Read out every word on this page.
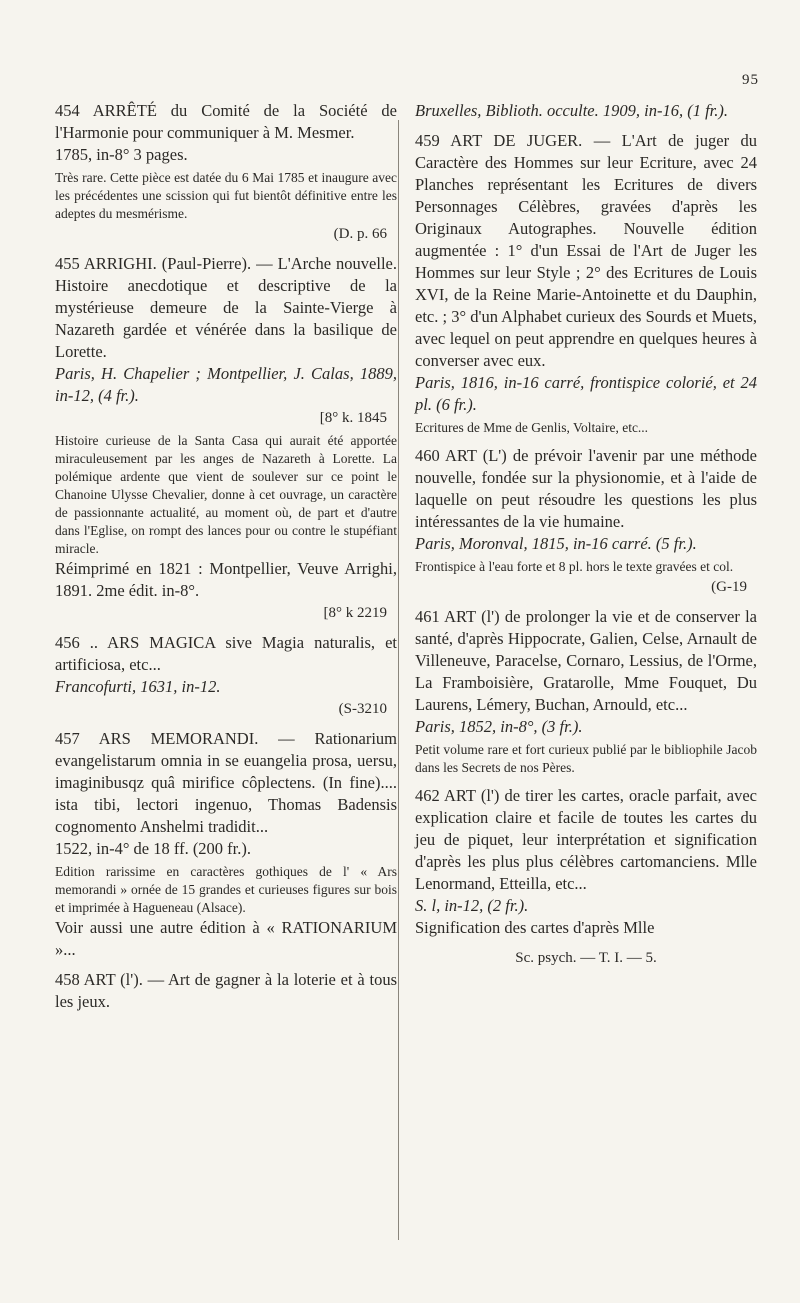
95

454 ARRÊTÉ du Comité de la Société de l'Harmonie pour communiquer à M. Mesmer.

1785, in-8° 3 pages.

Très rare. Cette pièce est datée du 6 Mai 1785 et inaugure avec les précédentes une scission qui fut bientôt définitive entre les adeptes du mesmérisme.

(D. p. 66

455 ARRIGHI. (Paul-Pierre). — L'Arche nouvelle. Histoire anecdotique et descriptive de la mystérieuse demeure de la Sainte-Vierge à Nazareth gardée et vénérée dans la basilique de Lorette.

Paris, H. Chapelier ; Montpellier, J. Calas, 1889, in-12, (4 fr.).

[8° k. 1845

Histoire curieuse de la Santa Casa qui aurait été apportée miraculeusement par les anges de Nazareth à Lorette. La polémique ardente que vient de soulever sur ce point le Chanoine Ulysse Chevalier, donne à cet ouvrage, un caractère de passionnante actualité, au moment où, de part et d'autre dans l'Eglise, on rompt des lances pour ou contre le stupéfiant miracle.

Réimprimé en 1821 : Montpellier, Veuve Arrighi, 1891. 2me édit. in-8°.

[8° k 2219

456 .. ARS MAGICA sive Magia naturalis, et artificiosa, etc...

Francofurti, 1631, in-12.

(S-3210

457 ARS MEMORANDI. — Rationarium evangelistarum omnia in se euangelia prosa, uersu, imaginibusqz quâ mirifice côplectens. (In fine).... ista tibi, lectori ingenuo, Thomas Badensis cognomento Anshelmi tradidit...

1522, in-4° de 18 ff. (200 fr.).

Edition rarissime en caractères gothiques de l' « Ars memorandi » ornée de 15 grandes et curieuses figures sur bois et imprimée à Hagueneau (Alsace).

Voir aussi une autre édition à « RATIONARIUM »...

458 ART (l'). — Art de gagner à la loterie et à tous les jeux.

Bruxelles, Biblioth. occulte. 1909, in-16, (1 fr.).

459 ART DE JUGER. — L'Art de juger du Caractère des Hommes sur leur Ecriture, avec 24 Planches représentant les Ecritures de divers Personnages Célèbres, gravées d'après les Originaux Autographes. Nouvelle édition augmentée : 1° d'un Essai de l'Art de Juger les Hommes sur leur Style ; 2° des Ecritures de Louis XVI, de la Reine Marie-Antoinette et du Dauphin, etc. ; 3° d'un Alphabet curieux des Sourds et Muets, avec lequel on peut apprendre en quelques heures à converser avec eux.

Paris, 1816, in-16 carré, frontispice colorié, et 24 pl. (6 fr.).

Ecritures de Mme de Genlis, Voltaire, etc...

460 ART (L') de prévoir l'avenir par une méthode nouvelle, fondée sur la physionomie, et à l'aide de laquelle on peut résoudre les questions les plus intéressantes de la vie humaine.

Paris, Moronval, 1815, in-16 carré. (5 fr.).

Frontispice à l'eau forte et 8 pl. hors le texte gravées et col.

(G-19

461 ART (l') de prolonger la vie et de conserver la santé, d'après Hippocrate, Galien, Celse, Arnault de Villeneuve, Paracelse, Cornaro, Lessius, de l'Orme, La Framboisière, Gratarolle, Mme Fouquet, Du Laurens, Lémery, Buchan, Arnould, etc...

Paris, 1852, in-8°, (3 fr.).

Petit volume rare et fort curieux publié par le bibliophile Jacob dans les Secrets de nos Pères.

462 ART (l') de tirer les cartes, oracle parfait, avec explication claire et facile de toutes les cartes du jeu de piquet, leur interprétation et signification d'après les plus plus célèbres cartomanciens. Mlle Lenormand, Etteilla, etc...

S. l, in-12, (2 fr.).

Signification des cartes d'après Mlle

Sc. psych. — T. I. — 5.
